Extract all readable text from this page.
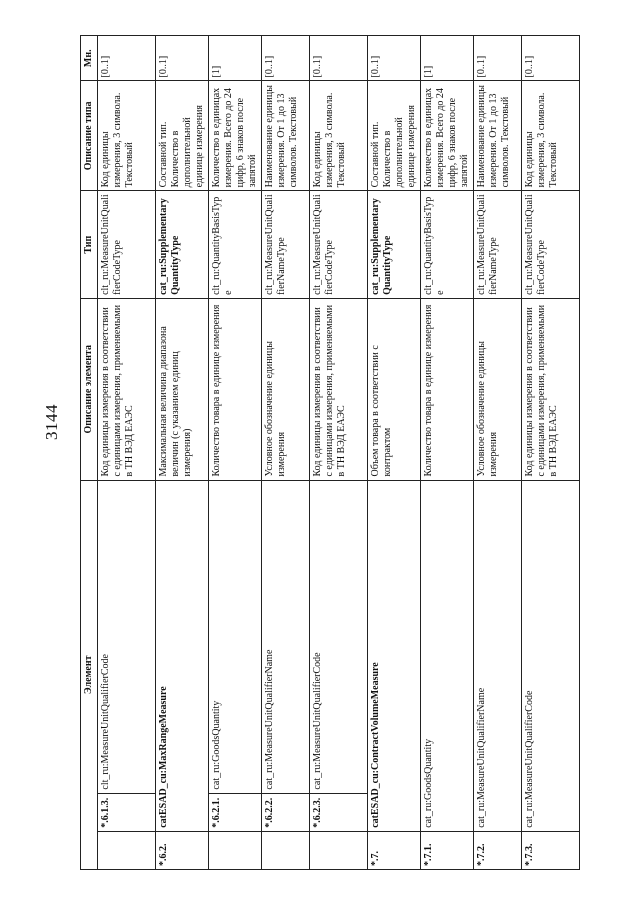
3144
Элемент			Описание элемента	Тип	Описание типа	Мн.
	*.6.1.3.	clt_ru:MeasureUnitQualifierCode	Код единицы измерения в соответствии с единицами измерения, применяемыми в ТН ВЭД ЕАЭС	clt_ru:MeasureUnitQualifierCodeType	Код единицы измерения, 3 символа. Текстовый	[0..1]
*.6.2.	catESAD_cu:MaxRangeMeasure		Максимальная величина диапазона величин (с указанием единиц измерения)	cat_ru:SupplementaryQuantityType	Составной тип. Количество в дополнительной единице измерения	[0..1]
	*.6.2.1.	cat_ru:GoodsQuantity	Количество товара в единице измерения	clt_ru:QuantityBasisType	Количество в единицах измерения. Всего до 24 цифр, 6 знаков после запятой	[1]
	*.6.2.2.	cat_ru:MeasureUnitQualifierName	Условное обозначение единицы измерения	clt_ru:MeasureUnitQualifierNameType	Наименование единицы измерения. От 1 до 13 символов. Текстовый	[0..1]
	*.6.2.3.	cat_ru:MeasureUnitQualifierCode	Код единицы измерения в соответствии с единицами измерения, применяемыми в ТН ВЭД ЕАЭС	clt_ru:MeasureUnitQualifierCodeType	Код единицы измерения, 3 символа. Текстовый	[0..1]
*.7.	catESAD_cu:ContractVolumeMeasure		Объем товара в соответствии с контрактом	cat_ru:SupplementaryQuantityType	Составной тип. Количество в дополнительной единице измерения	[0..1]
*.7.1.	cat_ru:GoodsQuantity		Количество товара в единице измерения	clt_ru:QuantityBasisType	Количество в единицах измерения. Всего до 24 цифр, 6 знаков после запятой	[1]
*.7.2.	cat_ru:MeasureUnitQualifierName		Условное обозначение единицы измерения	clt_ru:MeasureUnitQualifierNameType	Наименование единицы измерения. От 1 до 13 символов. Текстовый	[0..1]
*.7.3.	cat_ru:MeasureUnitQualifierCode		Код единицы измерения в соответствии с единицами измерения, применяемыми в ТН ВЭД ЕАЭС	clt_ru:MeasureUnitQualifierCodeType	Код единицы измерения, 3 символа. Текстовый	[0..1]
